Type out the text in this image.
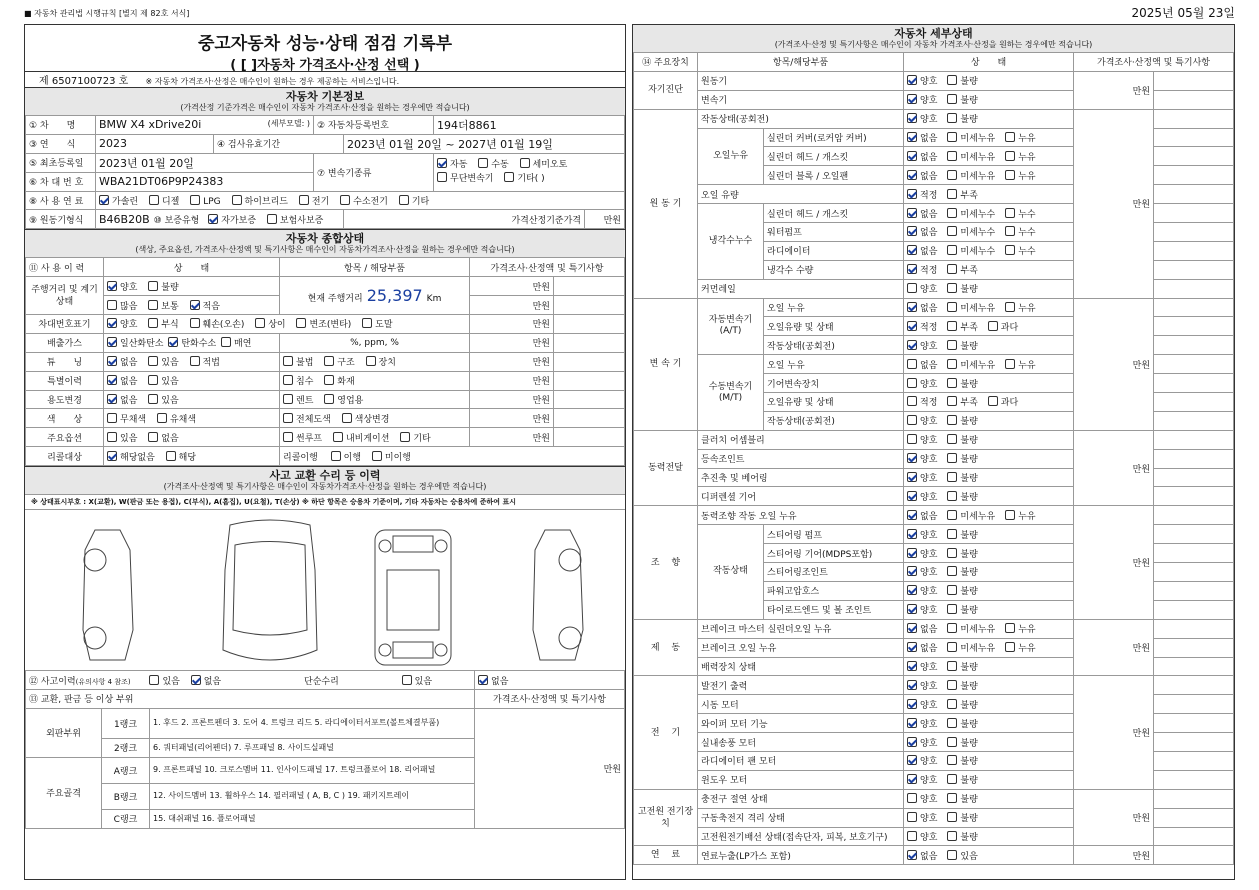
■ 자동차 관리법 시행규칙 [별지 제 82호 서식]	2025년 05월 23일
중고자동차 성능·상태 점검 기록부
( [ ]자동차 가격조사·산정 선택 )
제 6507100723 호 ※ 자동차 가격조사·산정은 매수인이 원하는 경우 제공하는 서비스입니다.
자동차 기본정보
(가격산정 기준가격은 매수인이 자동차 가격조사·산정을 원하는 경우에만 적습니다)
① 차　　명	BMW X4 xDrive20i (세부모델: )		② 자동차등록번호		194더8861	
③ 연　　식	2023	④ 검사유효기간		2023년 01월 20일 ~ 2027년 01월 19일		
⑤ 최초등록일	2023년 01월 20일		⑦ 변속기종류		자동 수동 세미오토
무단변속기 기타( )	
⑥ 차 대 번 호	WBA21DT06P9P24383					
⑧ 사 용 연 료	가솔린 디젤 LPG 하이브리드 전기 수소전기 기타					
⑨ 원동기형식	B46B20B ⑩ 보증유형 자가보증 보험사보증			가격산정기준가격		만원
자동차 종합상태
(색상, 주요옵션, 가격조사·산정액 및 특기사항은 매수인이 자동차가격조사·산정을 원하는 경우에만 적습니다)
⑪ 사 용 이 력	상　　태	항목 / 해당부품	가격조사·산정액 및 특기사항	
주행거리 및 계기상태	양호 불량	현재 주행거리 25,397 Km	만원	
	많음 보통 적음		만원	
차대번호표기	양호 부식 훼손(오손) 상이 변조(변타) 도말		만원	
배출가스	일산화탄소 탄화수소 매연	%, ppm, %	만원	
튜　　닝	없음 있음 적법	불법 구조 장치	만원	
특별이력	없음 있음	침수 화재	만원	
용도변경	없음 있음	렌트 영업용	만원	
색　　상	무채색 유채색	전체도색 색상변경	만원	
주요옵션	있음 없음	썬루프 내비게이션 기타	만원	
리콜대상	해당없음 해당	리콜이행 이행 미이행		
사고 교환 수리 등 이력
(가격조사·산정액 및 특기사항은 매수인이 자동차가격조사·산정을 원하는 경우에만 적습니다)
※ 상태표시부호 : X(교환), W(판금 또는 용접), C(부식), A(흠집), U(요철), T(손상) ※ 하단 항목은 승용차 기준이며, 기타 자동차는 승용차에 준하여 표시
⑫ 사고이력(유의사항 4 참조) 있음 없음 단순수리 있음			없음
⑬ 교환, 판금 등 이상 부위			가격조사·산정액 및 특기사항
외판부위	1랭크	1. 후드 2. 프론트펜더 3. 도어 4. 트렁크 리드 5. 라디에이터서포트(볼트체결부품)	만원
	2랭크	6. 쿼터패널(리어펜더) 7. 루프패널 8. 사이드실패널	
주요골격	A랭크	9. 프론트패널 10. 크로스멤버 11. 인사이드패널 17. 트렁크플로어 18. 리어패널	
	B랭크	12. 사이드멤버 13. 휠하우스 14. 필러패널 ( A, B, C ) 19. 패키지트레이	
	C랭크	15. 대쉬패널 16. 플로어패널	
자동차 세부상태
(가격조사·산정 및 특기사항은 매수인이 자동차 가격조사·산정을 원하는 경우에만 적습니다)
⑭ 주요장치	항목/해당부품		상　　태	가격조사·산정액 및 특기사항	
자기진단	원동기		양호 불량	만원	
	변속기		양호 불량		
원 동 기	작동상태(공회전)		양호 불량	만원	
	오일누유	실린더 커버(로커암 커버)	없음 미세누유 누유		
		실린더 헤드 / 개스킷	없음 미세누유 누유		
		실린더 블록 / 오일팬	없음 미세누유 누유		
	오일 유량		적정 부족		
	냉각수누수	실린더 헤드 / 개스킷	없음 미세누수 누수		
		워터펌프	없음 미세누수 누수		
		라디에이터	없음 미세누수 누수		
		냉각수 수량	적정 부족		
	커먼레일		양호 불량		
변 속 기	자동변속기 (A/T)	오일 누유	없음 미세누유 누유	만원	
		오일유량 및 상태	적정 부족 과다		
		작동상태(공회전)	양호 불량		
	수동변속기 (M/T)	오일 누유	없음 미세누유 누유		
		기어변속장치	양호 불량		
		오일유량 및 상태	적정 부족 과다		
		작동상태(공회전)	양호 불량		
동력전달	클러치 어셈블리		양호 불량	만원	
	등속조인트		양호 불량		
	추진축 및 베어링		양호 불량		
	디퍼렌셜 기어		양호 불량		
조　 향	동력조향 작동 오일 누유		없음 미세누유 누유	만원	
	작동상태	스티어링 펌프	양호 불량		
		스티어링 기어(MDPS포함)	양호 불량		
		스티어링조인트	양호 불량		
		파워고압호스	양호 불량		
		타이로드엔드 및 볼 조인트	양호 불량		
제　 동	브레이크 마스터 실린더오일 누유		없음 미세누유 누유	만원	
	브레이크 오일 누유		없음 미세누유 누유		
	배력장치 상태		양호 불량		
전　 기	발전기 출력		양호 불량	만원	
	시동 모터		양호 불량		
	와이퍼 모터 기능		양호 불량		
	실내송풍 모터		양호 불량		
	라디에이터 팬 모터		양호 불량		
	윈도우 모터		양호 불량		
고전원 전기장치	충전구 절연 상태		양호 불량	만원	
	구동축전지 격리 상태		양호 불량		
	고전원전기배선 상태(접속단자, 피복, 보호기구)		양호 불량		
연　 료	연료누출(LP가스 포함)		없음 있음	만원	
